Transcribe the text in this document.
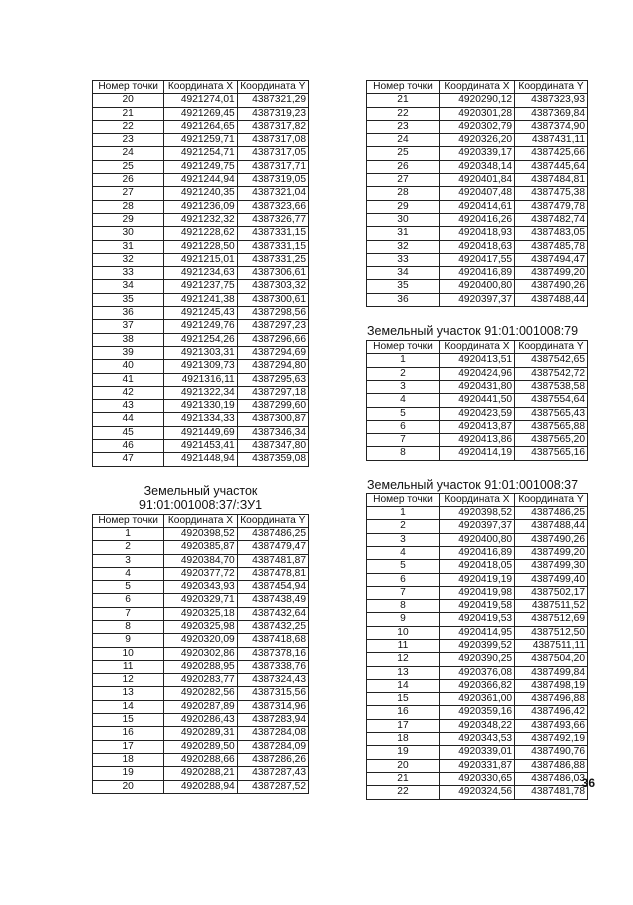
Номер точки	Координата X	Координата Y
20	4921274,01	4387321,29
21	4921269,45	4387319,23
22	4921264,65	4387317,82
23	4921259,71	4387317,08
24	4921254,71	4387317,05
25	4921249,75	4387317,71
26	4921244,94	4387319,05
27	4921240,35	4387321,04
28	4921236,09	4387323,66
29	4921232,32	4387326,77
30	4921228,62	4387331,15
31	4921228,50	4387331,15
32	4921215,01	4387331,25
33	4921234,63	4387306,61
34	4921237,75	4387303,32
35	4921241,38	4387300,61
36	4921245,43	4387298,56
37	4921249,76	4387297,23
38	4921254,26	4387296,66
39	4921303,31	4387294,69
40	4921309,73	4387294,80
41	4921316,11	4387295,63
42	4921322,34	4387297,18
43	4921330,19	4387299,60
44	4921334,33	4387300,87
45	4921449,69	4387346,34
46	4921453,41	4387347,80
47	4921448,94	4387359,08

Земельный участок
91:01:001008:37/:ЗУ1

Номер точки	Координата X	Координата Y
1	4920398,52	4387486,25
2	4920385,87	4387479,47
3	4920384,70	4387481,87
4	4920377,72	4387478,81
5	4920343,93	4387454,94
6	4920329,71	4387438,49
7	4920325,18	4387432,64
8	4920325,98	4387432,25
9	4920320,09	4387418,68
10	4920302,86	4387378,16
11	4920288,95	4387338,76
12	4920283,77	4387324,43
13	4920282,56	4387315,56
14	4920287,89	4387314,96
15	4920286,43	4387283,94
16	4920289,31	4387284,08
17	4920289,50	4387284,09
18	4920288,66	4387286,26
19	4920288,21	4387287,43
20	4920288,94	4387287,52
Номер точки	Координата X	Координата Y
21	4920290,12	4387323,93
22	4920301,28	4387369,84
23	4920302,79	4387374,90
24	4920326,20	4387431,11
25	4920339,17	4387425,66
26	4920348,14	4387445,64
27	4920401,84	4387484,81
28	4920407,48	4387475,38
29	4920414,61	4387479,78
30	4920416,26	4387482,74
31	4920418,93	4387483,05
32	4920418,63	4387485,78
33	4920417,55	4387494,47
34	4920416,89	4387499,20
35	4920400,80	4387490,26
36	4920397,37	4387488,44

Земельный участок 91:01:001008:79

Номер точки	Координата X	Координата Y
1	4920413,51	4387542,65
2	4920424,96	4387542,72
3	4920431,80	4387538,58
4	4920441,50	4387554,64
5	4920423,59	4387565,43
6	4920413,87	4387565,88
7	4920413,86	4387565,20
8	4920414,19	4387565,16

Земельный участок 91:01:001008:37

Номер точки	Координата X	Координата Y
1	4920398,52	4387486,25
2	4920397,37	4387488,44
3	4920400,80	4387490,26
4	4920416,89	4387499,20
5	4920418,05	4387499,30
6	4920419,19	4387499,40
7	4920419,98	4387502,17
8	4920419,58	4387511,52
9	4920419,53	4387512,69
10	4920414,95	4387512,50
11	4920399,52	4387511,11
12	4920390,25	4387504,20
13	4920376,08	4387499,84
14	4920366,82	4387498,19
15	4920361,00	4387496,88
16	4920359,16	4387496,42
17	4920348,22	4387493,66
18	4920343,53	4387492,19
19	4920339,01	4387490,76
20	4920331,87	4387486,88
21	4920330,65	4387486,03
22	4920324,56	4387481,78
36
